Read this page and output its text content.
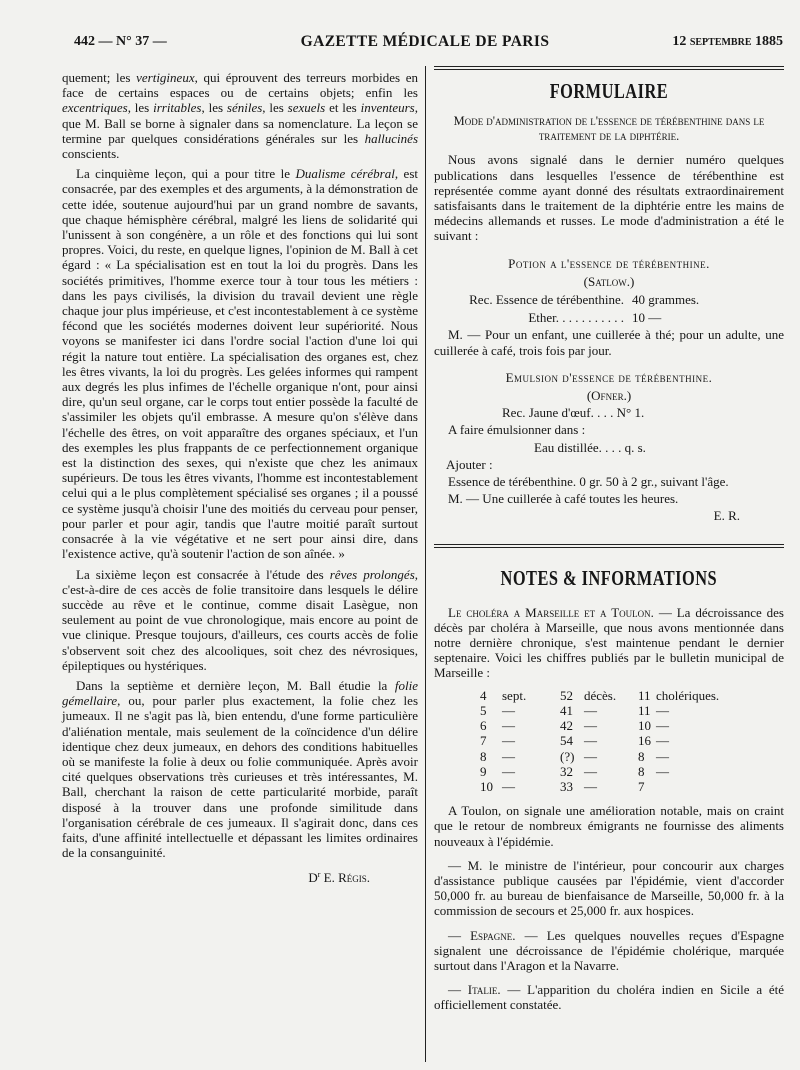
442 — N° 37 —	GAZETTE MÉDICALE DE PARIS	12 septembre 1885

quement; les vertigineux, qui éprouvent des terreurs morbides en face de certains espaces ou de certains objets; enfin les excentriques, les irritables, les séniles, les sexuels et les inventeurs, que M. Ball se borne à signaler dans sa nomenclature. La leçon se termine par quelques considérations générales sur les hallucinés conscients.

La cinquième leçon, qui a pour titre le Dualisme cérébral, est consacrée, par des exemples et des arguments, à la démonstration de cette idée, soutenue aujourd'hui par un grand nombre de savants, que chaque hémisphère cérébral, malgré les liens de solidarité qui l'unissent à son congénère, a un rôle et des fonctions qui lui sont propres. Voici, du reste, en quelque lignes, l'opinion de M. Ball à cet égard : « La spécialisation est en tout la loi du progrès. Dans les sociétés primitives, l'homme exerce tour à tour tous les métiers : dans les pays civilisés, la division du travail devient une règle chaque jour plus impérieuse, et c'est incontestablement à ce système fécond que les sociétés modernes doivent leur supériorité. Nous voyons se manifester ici dans l'ordre social l'action d'une loi qui régit la nature tout entière. La spécialisation des organes est, chez les êtres vivants, la loi du progrès. Les gelées informes qui rampent aux degrés les plus infimes de l'échelle organique n'ont, pour ainsi dire, qu'un seul organe, car le corps tout entier possède la faculté de s'assimiler les objets qu'il embrasse. A mesure qu'on s'élève dans l'échelle des êtres, on voit apparaître des organes spéciaux, et l'un des exemples les plus frappants de ce perfectionnement organique est la distinction des sexes, qui n'existe que chez les animaux supérieurs. De tous les êtres vivants, l'homme est incontestablement celui qui a le plus complètement spécialisé ses organes ; il a poussé ce système jusqu'à choisir l'une des moitiés du cerveau pour penser, pour parler et pour agir, tandis que l'autre moitié paraît surtout consacrée à la vie végétative et ne sert pour ainsi dire, dans l'existence active, qu'à soutenir l'action de son aînée. »

La sixième leçon est consacrée à l'étude des rêves prolongés, c'est-à-dire de ces accès de folie transitoire dans lesquels le délire succède au rêve et le continue, comme disait Lasègue, non seulement au point de vue chronologique, mais encore au point de vue clinique. Presque toujours, d'ailleurs, ces courts accès de folie s'observent soit chez des alcooliques, soit chez des névrosiques, épileptiques ou hystériques.

Dans la septième et dernière leçon, M. Ball étudie la folie gémellaire, ou, pour parler plus exactement, la folie chez les jumeaux. Il ne s'agit pas là, bien entendu, d'une forme particulière d'aliénation mentale, mais seulement de la coïncidence d'un délire identique chez deux jumeaux, en dehors des conditions habituelles où se manifeste la folie à deux ou folie communiquée. Après avoir cité quelques observations très curieuses et très intéressantes, M. Ball, cherchant la raison de cette particularité morbide, paraît disposé à la trouver dans une profonde similitude dans l'organisation cérébrale de ces jumeaux. Il s'agirait donc, dans ces faits, d'une affinité intellectuelle et dépassant les limites ordinaires de la consanguinité.

$D^r$ E. Régis.
FORMULAIRE
Mode d'administration de l'essence de térébenthine dans le traitement de la diphtérie.

Nous avons signalé dans le dernier numéro quelques publications dans lesquelles l'essence de térébenthine est représentée comme ayant donné des résultats extraordinairement satisfaisants dans le traitement de la diphtérie entre les mains de médecins allemands et russes. Le mode d'administration a été le suivant :

Potion a l'essence de térébenthine.
(Satlow.)
Rec. Essence de térébenthine. 40 grammes.
Ether. . . . . . . . . . . 10 —

M. — Pour un enfant, une cuillerée à thé; pour un adulte, une cuillerée à café, trois fois par jour.

Emulsion d'essence de térébenthine.
(Ofner.)
Rec. Jaune d'œuf. . . . N° 1.
A faire émulsionner dans :
Eau distillée. . . . q. s.
Ajouter :
Essence de térébenthine. 0 gr. 50 à 2 gr., suivant l'âge.
M. — Une cuillerée à café toutes les heures.
E. R.
NOTES & INFORMATIONS

Le choléra a Marseille et a Toulon. — La décroissance des décès par choléra à Marseille, que nous avons mentionnée dans notre dernière chronique, s'est maintenue pendant le dernier septenaire. Voici les chiffres publiés par le bulletin municipal de Marseille :

4	sept.	52	décès.	11	cholériques.
5	—	41	—	11	—
6	—	42	—	10	—
7	—	54	—	16	—
8	—	(?)	—	8	—
9	—	32	—	8	—
10	—	33	—	7	

A Toulon, on signale une amélioration notable, mais on craint que le retour de nombreux émigrants ne fournisse des aliments nouveaux à l'épidémie.

— M. le ministre de l'intérieur, pour concourir aux charges d'assistance publique causées par l'épidémie, vient d'accorder 50,000 fr. au bureau de bienfaisance de Marseille, 50,000 fr. à la commission de secours et 25,000 fr. aux hospices.

— Espagne. — Les quelques nouvelles reçues d'Espagne signalent une décroissance de l'épidémie cholérique, marquée surtout dans l'Aragon et la Navarre.

— Italie. — L'apparition du choléra indien en Sicile a été officiellement constatée.
